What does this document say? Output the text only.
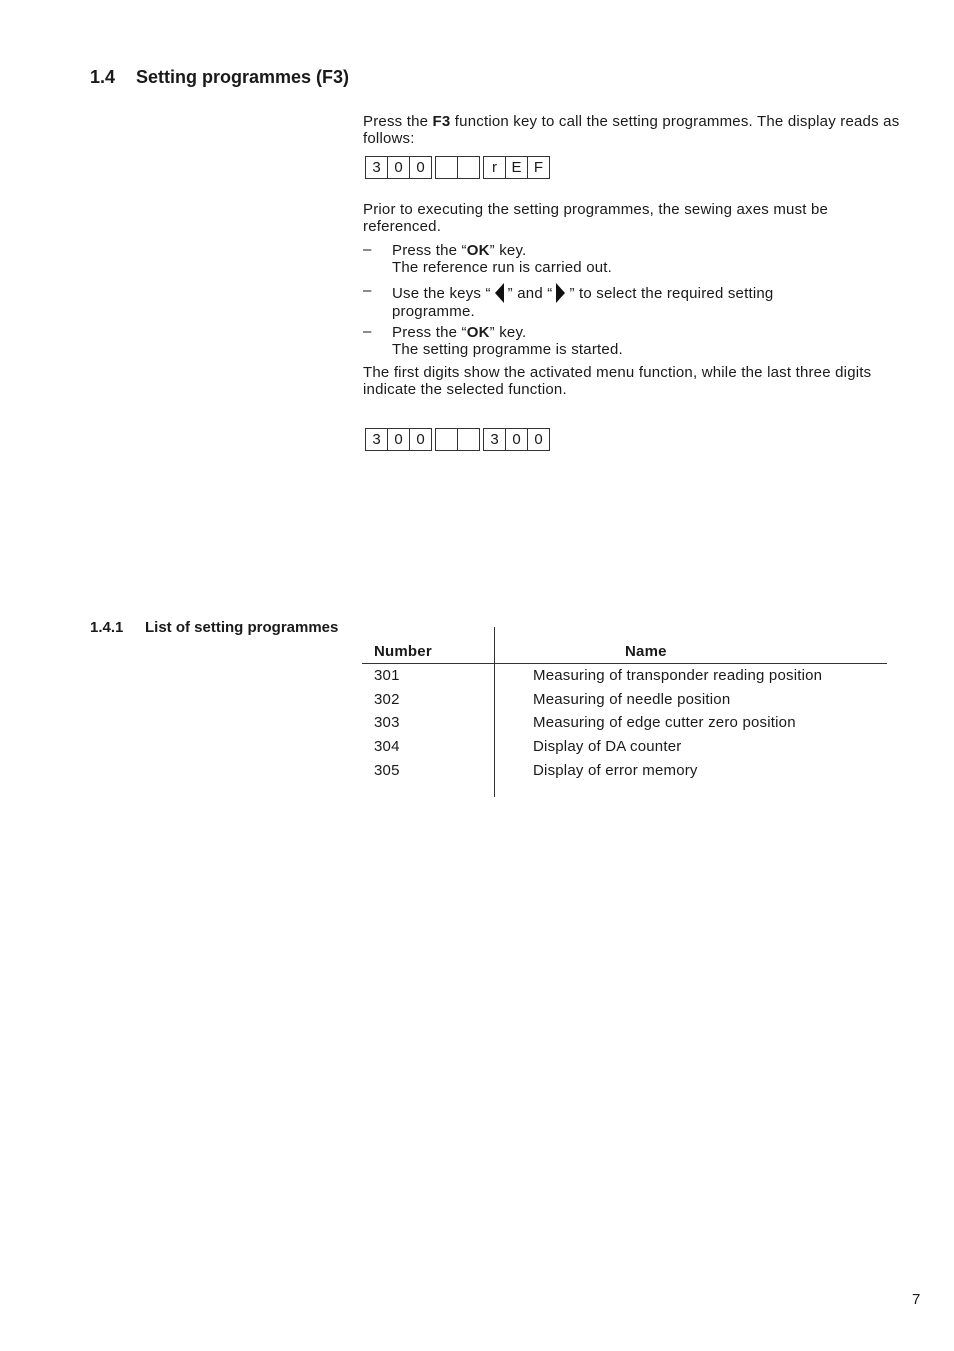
1.4 Setting programmes (F3)
Press the F3 function key to call the setting programmes. The display reads as follows:
3 0 0	r E F
Prior to executing the setting programmes, the sewing axes must be referenced.
– Press the “OK” key.
The reference run is carried out.
– Use the keys “ ” and “ ” to select the required setting
programme.
– Press the “OK” key.
The setting programme is started.
The first digits show the activated menu function, while the last three digits indicate the selected function.
3 0 0	3 0 0
1.4.1 List of setting programmes
Number	Name
301	Measuring of transponder reading position
302	Measuring of needle position
303	Measuring of edge cutter zero position
304	Display of DA counter
305	Display of error memory
7
